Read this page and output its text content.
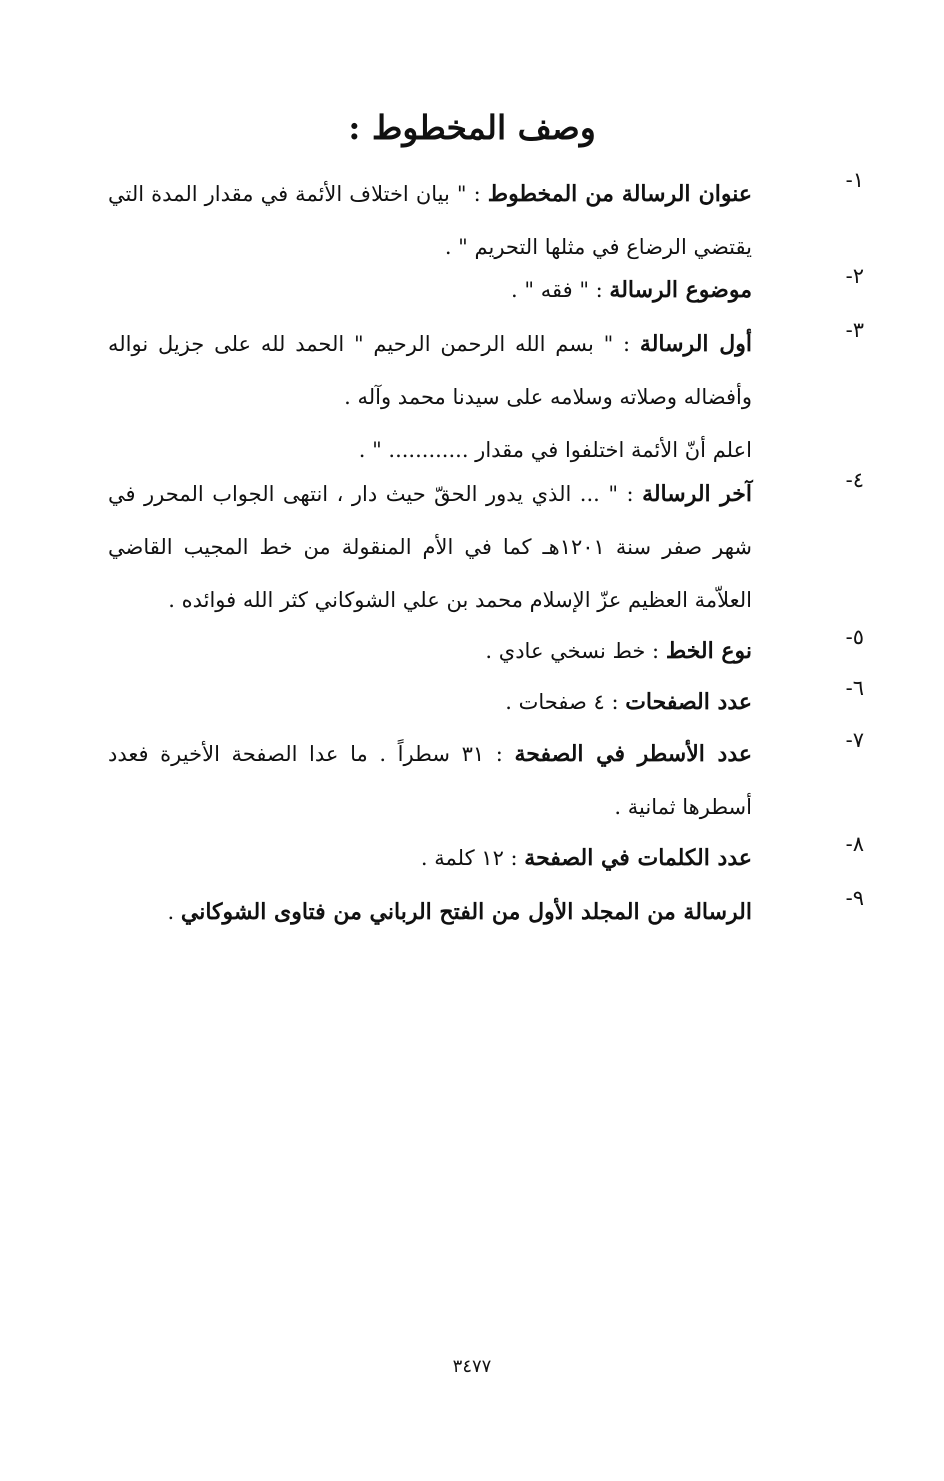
وصف المخطوط :
١-
عنوان الرسالة من المخطوط : " بيان اختلاف الأئمة في مقدار المدة التي يقتضي الرضاع في مثلها التحريم " .
٢-
موضوع الرسالة : " فقه " .
٣-
أول الرسالة : " بسم الله الرحمن الرحيم " الحمد لله على جزيل نواله وأفضاله وصلاته وسلامه على سيدنا محمد وآله .
اعلم أنّ الأئمة اختلفوا في مقدار ............ " .
٤-
آخر الرسالة : " ... الذي يدور الحقّ حيث دار ، انتهى الجواب المحرر في شهر صفر سنة ١٢٠١هـ كما في الأم المنقولة من خط المجيب القاضي العلاّمة العظيم عزّ الإسلام محمد بن علي الشوكاني كثر الله فوائده .
٥-
نوع الخط : خط نسخي عادي .
٦-
عدد الصفحات : ٤ صفحات .
٧-
عدد الأسطر في الصفحة : ٣١ سطراً . ما عدا الصفحة الأخيرة فعدد أسطرها ثمانية .
٨-
عدد الكلمات في الصفحة : ١٢ كلمة .
٩-
الرسالة من المجلد الأول من الفتح الرباني من فتاوى الشوكاني .
٣٤٧٧
